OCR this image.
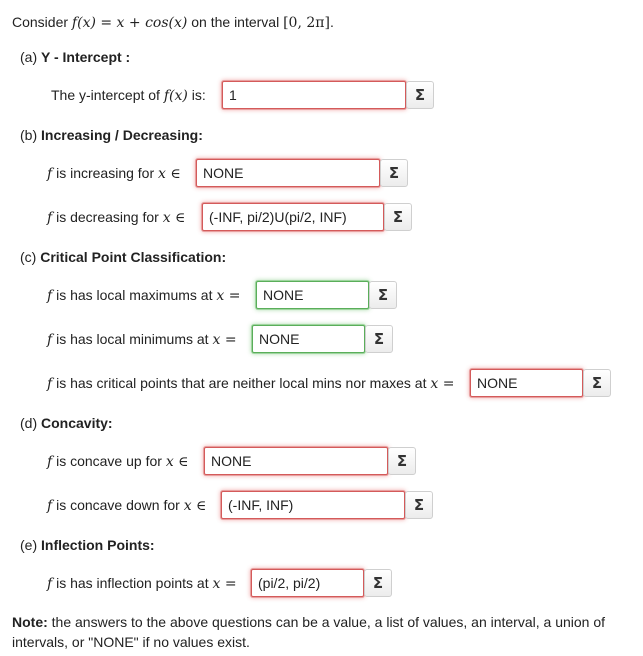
Consider f(x) = x + cos(x) on the interval [0, 2π].
(a) Y - Intercept :
The y-intercept of f(x) is:	1	Σ
(b) Increasing / Decreasing:
f is increasing for x ∈	NONE	Σ
f is decreasing for x ∈	(-INF, pi/2)U(pi/2, INF)	Σ
(c) Critical Point Classification:
f is has local maximums at x =	NONE	Σ
f is has local minimums at x =	NONE	Σ
f is has critical points that are neither local mins nor maxes at x =	NONE	Σ
(d) Concavity:
f is concave up for x ∈	NONE	Σ
f is concave down for x ∈	(-INF, INF)	Σ
(e) Inflection Points:
f is has inflection points at x =	(pi/2, pi/2)	Σ
Note: the answers to the above questions can be a value, a list of values, an interval, a union of intervals, or "NONE" if no values exist.
